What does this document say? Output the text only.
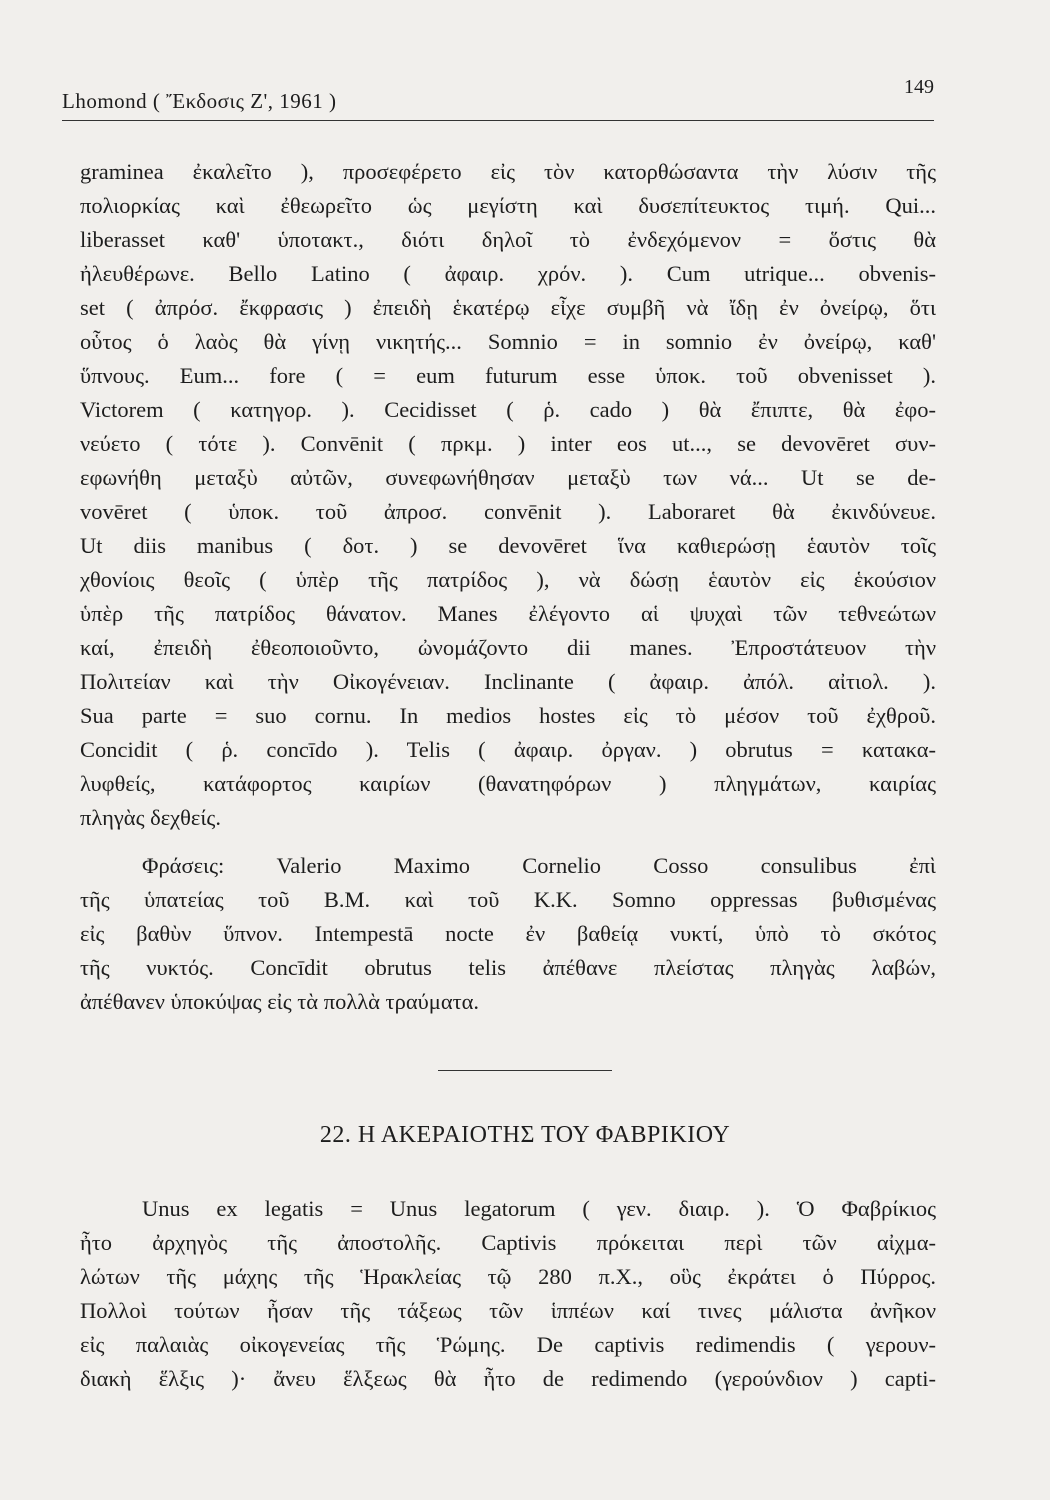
Lhomond ( Ἔκδοσις Ζ', 1961 )
149
graminea ἐκαλεῖτο ), προσεφέρετο εἰς τὸν κατορθώσαντα τὴν λύσιν τῆς
πολιορκίας καὶ ἐθεωρεῖτο ὡς μεγίστη καὶ δυσεπίτευκτος τιμή. Qui...
liberasset καθ' ὑποτακτ., διότι δηλοῖ τὸ ἐνδεχόμενον = ὅστις θὰ
ἠλευθέρωνε. Bello Latino ( ἀφαιρ. χρόν. ). Cum utrique... obvenis-
set ( ἀπρόσ. ἔκφρασις ) ἐπειδὴ ἑκατέρῳ εἶχε συμβῆ νὰ ἴδῃ ἐν ὀνείρῳ, ὅτι
οὗτος ὁ λαὸς θὰ γίνῃ νικητής... Somnio = in somnio ἐν ὀνείρῳ, καθ'
ὕπνους. Eum... fore ( = eum futurum esse ὑποκ. τοῦ obvenisset ).
Victorem ( κατηγορ. ). Cecidisset ( ῥ. cado ) θὰ ἔπιπτε, θὰ ἐφο-
νεύετο ( τότε ). Convēnit ( πρκμ. ) inter eos ut..., se devovēret συν-
εφωνήθη μεταξὺ αὐτῶν, συνεφωνήθησαν μεταξὺ των νά... Ut se de-
vovēret ( ὑποκ. τοῦ ἀπροσ. convēnit ). Laboraret θὰ ἐκινδύνευε.
Ut diis manibus ( δοτ. ) se devovēret ἵνα καθιερώσῃ ἑαυτὸν τοῖς
χθονίοις θεοῖς ( ὑπὲρ τῆς πατρίδος ), νὰ δώσῃ ἑαυτὸν εἰς ἑκούσιον
ὑπὲρ τῆς πατρίδος θάνατον. Manes ἐλέγοντο αἱ ψυχαὶ τῶν τεθνεώτων
καί, ἐπειδὴ ἐθεοποιοῦντο, ὠνομάζοντο dii manes. Ἐπροστάτευον τὴν
Πολιτείαν καὶ τὴν Οἰκογένειαν. Inclinante ( ἀφαιρ. ἀπόλ. αἰτιολ. ).
Sua parte = suo cornu. In medios hostes εἰς τὸ μέσον τοῦ ἐχθροῦ.
Concidit ( ῥ. concīdo ). Telis ( ἀφαιρ. ὀργαν. ) obrutus = κατακα-
λυφθείς, κατάφορτος καιρίων (θανατηφόρων ) πληγμάτων, καιρίας
πληγὰς δεχθείς.
Φράσεις: Valerio Maximo Cornelio Cosso consulibus ἐπὶ
τῆς ὑπατείας τοῦ Β.Μ. καὶ τοῦ Κ.Κ. Somno oppressas βυθισμένας
εἰς βαθὺν ὕπνον. Intempestā nocte ἐν βαθείᾳ νυκτί, ὑπὸ τὸ σκότος
τῆς νυκτός. Concīdit obrutus telis ἀπέθανε πλείστας πληγὰς λαβών,
ἀπέθανεν ὑποκύψας εἰς τὰ πολλὰ τραύματα.
22. Η ΑΚΕΡΑΙΟΤΗΣ ΤΟΥ ΦΑΒΡΙΚΙΟΥ
Unus ex legatis = Unus legatorum ( γεν. διαιρ. ). Ὁ Φαβρίκιος
ἦτο ἀρχηγὸς τῆς ἀποστολῆς. Captivis πρόκειται περὶ τῶν αἰχμα-
λώτων τῆς μάχης τῆς Ἡρακλείας τῷ 280 π.Χ., οὓς ἐκράτει ὁ Πύρρος.
Πολλοὶ τούτων ἦσαν τῆς τάξεως τῶν ἱππέων καί τινες μάλιστα ἀνῆκον
εἰς παλαιὰς οἰκογενείας τῆς Ῥώμης. De captivis redimendis ( γερουν-
διακὴ ἕλξις )· ἄνευ ἕλξεως θὰ ἦτο de redimendo (γερούνδιον ) capti-
